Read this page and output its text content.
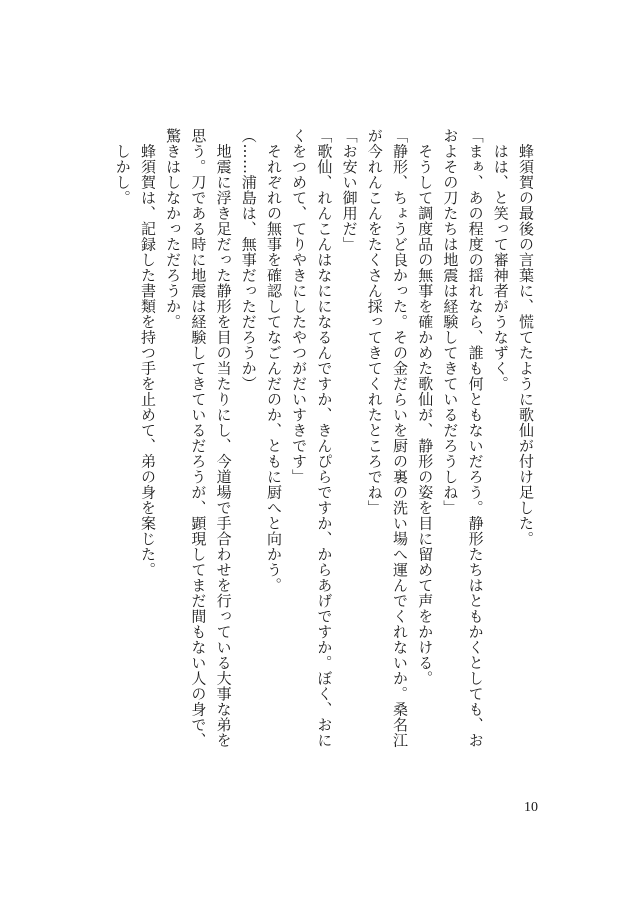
　蜂須賀の最後の言葉に、慌てたように歌仙が付け足した。

　はは、と笑って審神者がうなずく。

「まぁ、あの程度の揺れなら、誰も何ともないだろう。静形たちはともかくとしても、お

およその刀たちは地震は経験してきているだろうしね」

　そうして調度品の無事を確かめた歌仙が、静形の姿を目に留めて声をかける。

「静形、ちょうど良かった。その金だらいを厨の裏の洗い場へ運んでくれないか。桑名江

が今れんこんをたくさん採ってきてくれたところでね」

「お安い御用だ」

「歌仙、れんこんはなにになるんですか、きんぴらですか、からあげですか。ぼく、おに

くをつめて、てりやきにしたやつがだいすきです」

　それぞれの無事を確認してなごんだのか、ともに厨へと向かう。

（……浦島は、無事だっただろうか）

　地震に浮き足だった静形を目の当たりにし、今道場で手合わせを行っている大事な弟を

思う。刀である時に地震は経験してきているだろうが、顕現してまだ間もない人の身で、

驚きはしなかっただろうか。

　蜂須賀は、記録した書類を持つ手を止めて、弟の身を案じた。

　しかし。

10
